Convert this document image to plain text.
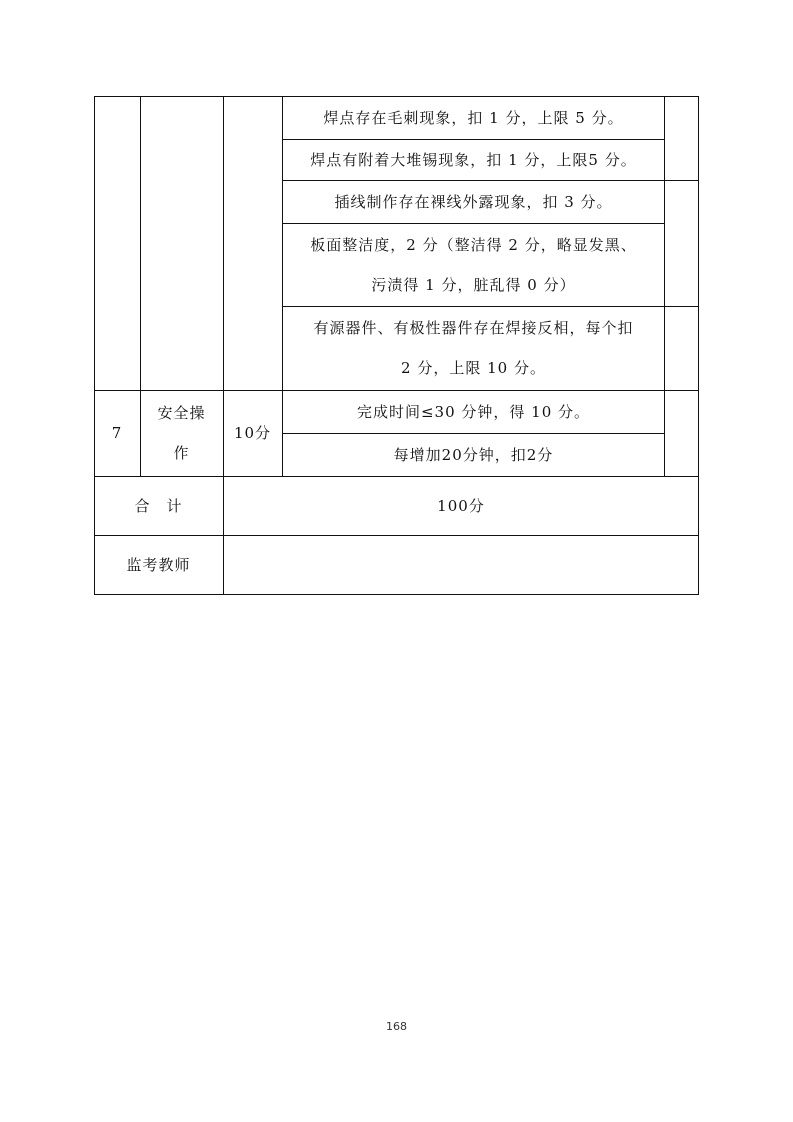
焊点存在毛刺现象，扣 1 分，上限 5 分。
焊点有附着大堆锡现象，扣 1 分，上限5 分。
插线制作存在裸线外露现象，扣 3 分。
板面整洁度，2 分（整洁得 2 分，略显发黑、
污渍得 1 分，脏乱得 0 分）
有源器件、有极性器件存在焊接反相，每个扣
2 分，上限 10 分。
7
安全操
作
10分
完成时间≤30 分钟，得 10 分。
每增加20分钟，扣2分
合　计	100分
监考教师
168
